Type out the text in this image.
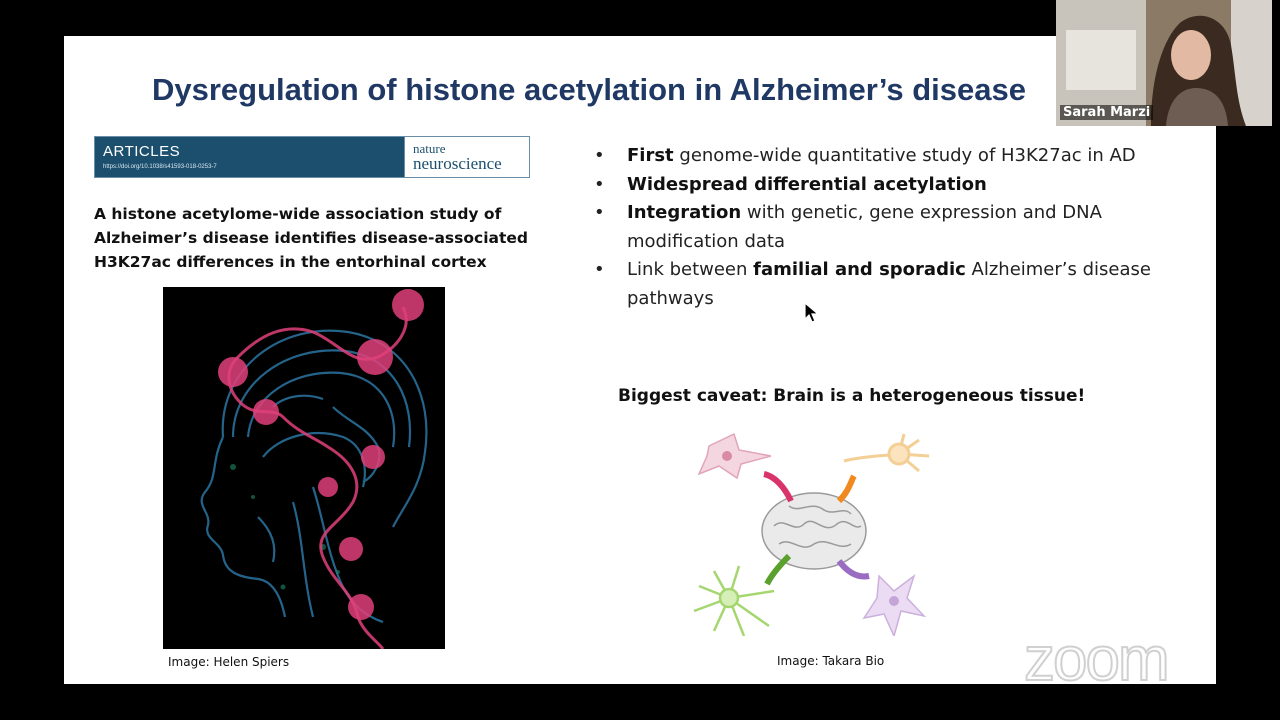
Dysregulation of histone acetylation in Alzheimer’s disease
ARTICLES
https://doi.org/10.1038/s41593-018-0253-7
nature
neuroscience
A histone acetylome-wide association study of Alzheimer’s disease identifies disease-associated H3K27ac differences in the entorhinal cortex
Image: Helen Spiers
• First genome-wide quantitative study of H3K27ac in AD
• Widespread differential acetylation
• Integration with genetic, gene expression and DNA modification data
• Link between familial and sporadic Alzheimer’s disease pathways
Biggest caveat: Brain is a heterogeneous tissue!
Image: Takara Bio
Sarah Marzi
zoom
